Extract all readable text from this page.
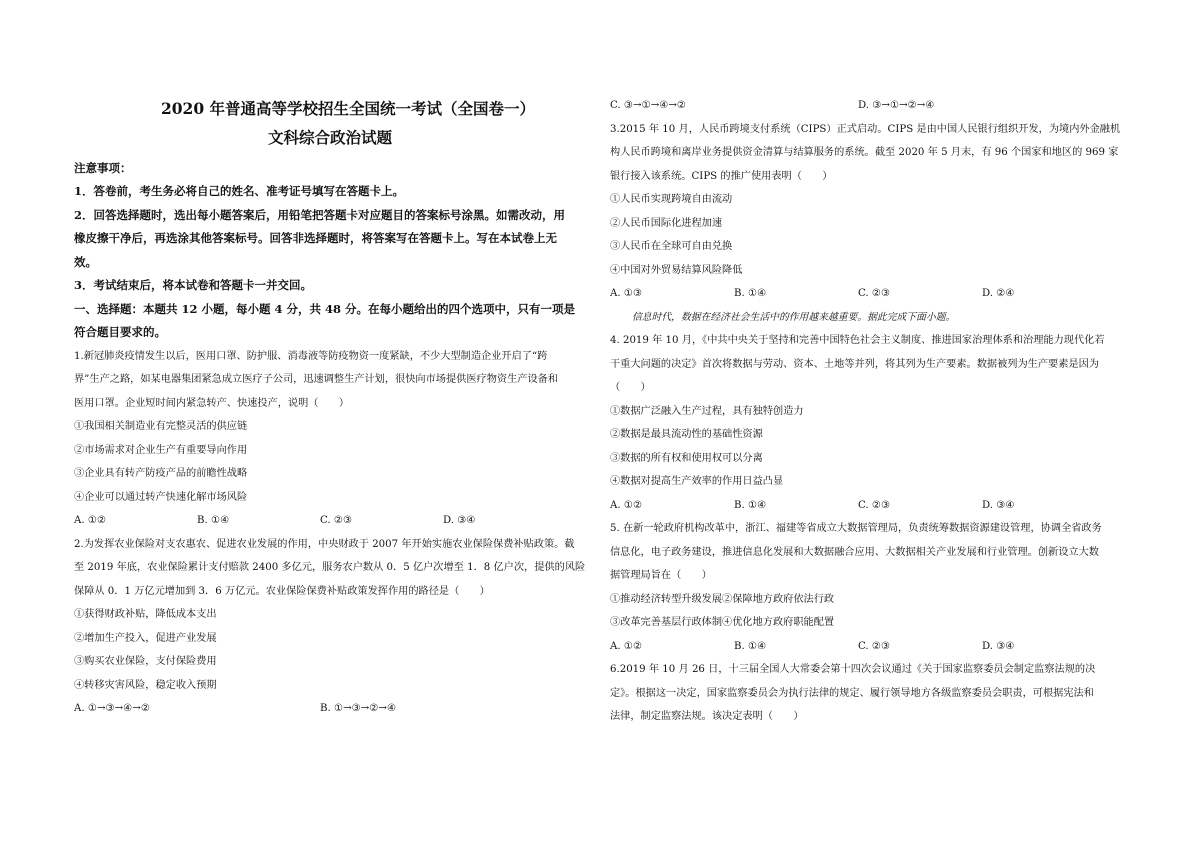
2020 年普通高等学校招生全国统一考试（全国卷一）
文科综合政治试题
注意事项：
1．答卷前，考生务必将自己的姓名、准考证号填写在答题卡上。
2．回答选择题时，选出每小题答案后，用铅笔把答题卡对应题目的答案标号涂黑。如需改动，用
橡皮擦干净后，再选涂其他答案标号。回答非选择题时，将答案写在答题卡上。写在本试卷上无
效。
3．考试结束后，将本试卷和答题卡一并交回。
一、选择题：本题共 12 小题，每小题 4 分，共 48 分。在每小题给出的四个选项中，只有一项是
符合题目要求的。
1.新冠肺炎疫情发生以后，医用口罩、防护服、消毒液等防疫物资一度紧缺，不少大型制造企业开启了“跨
界”生产之路，如某电器集团紧急成立医疗子公司，迅速调整生产计划，很快向市场提供医疗物资生产设备和
医用口罩。企业短时间内紧急转产、快速投产，说明（　　）
①我国相关制造业有完整灵活的供应链
②市场需求对企业生产有重要导向作用
③企业具有转产防疫产品的前瞻性战略
④企业可以通过转产快速化解市场风险
A. ①②	B. ①④	C. ②③	D. ③④
2.为发挥农业保险对支农惠农、促进农业发展的作用，中央财政于 2007 年开始实施农业保险保费补贴政策。截
至 2019 年底，农业保险累计支付赔款 2400 多亿元，服务农户数从 0．5 亿户次增至 1．8 亿户次，提供的风险
保障从 0．1 万亿元增加到 3．6 万亿元。农业保险保费补贴政策发挥作用的路径是（　　）
①获得财政补贴，降低成本支出
②增加生产投入，促进产业发展
③购买农业保险，支付保险费用
④转移灾害风险，稳定收入预期
A. ①→③→④→②	B. ①→③→②→④
C. ③→①→④→②	D. ③→①→②→④
3.2015 年 10 月，人民币跨境支付系统（CIPS）正式启动。CIPS 是由中国人民银行组织开发，为境内外金融机
构人民币跨境和离岸业务提供资金清算与结算服务的系统。截至 2020 年 5 月末，有 96 个国家和地区的 969 家
银行接入该系统。CIPS 的推广使用表明（　　）
①人民币实现跨境自由流动
②人民币国际化进程加速
③人民币在全球可自由兑换
④中国对外贸易结算风险降低
A. ①③	B. ①④	C. ②③	D. ②④
信息时代，数据在经济社会生活中的作用越来越重要。据此完成下面小题。
4. 2019 年 10 月，《中共中央关于坚持和完善中国特色社会主义制度、推进国家治理体系和治理能力现代化若
干重大问题的决定》首次将数据与劳动、资本、土地等并列，将其列为生产要素。数据被列为生产要素是因为
（　　）
①数据广泛融入生产过程，具有独特创造力
②数据是最具流动性的基础性资源
③数据的所有权和使用权可以分离
④数据对提高生产效率的作用日益凸显
A. ①②	B. ①④	C. ②③	D. ③④
5. 在新一轮政府机构改革中，浙江、福建等省成立大数据管理局，负责统筹数据资源建设管理，协调全省政务
信息化，电子政务建设，推进信息化发展和大数据融合应用、大数据相关产业发展和行业管理。创新设立大数
据管理局旨在（　　）
①推动经济转型升级发展②保障地方政府依法行政
③改革完善基层行政体制④优化地方政府职能配置
A. ①②	B. ①④	C. ②③	D. ③④
6.2019 年 10 月 26 日，十三届全国人大常委会第十四次会议通过《关于国家监察委员会制定监察法规的决
定》。根据这一决定，国家监察委员会为执行法律的规定、履行领导地方各级监察委员会职责，可根据宪法和
法律，制定监察法规。该决定表明（　　）
